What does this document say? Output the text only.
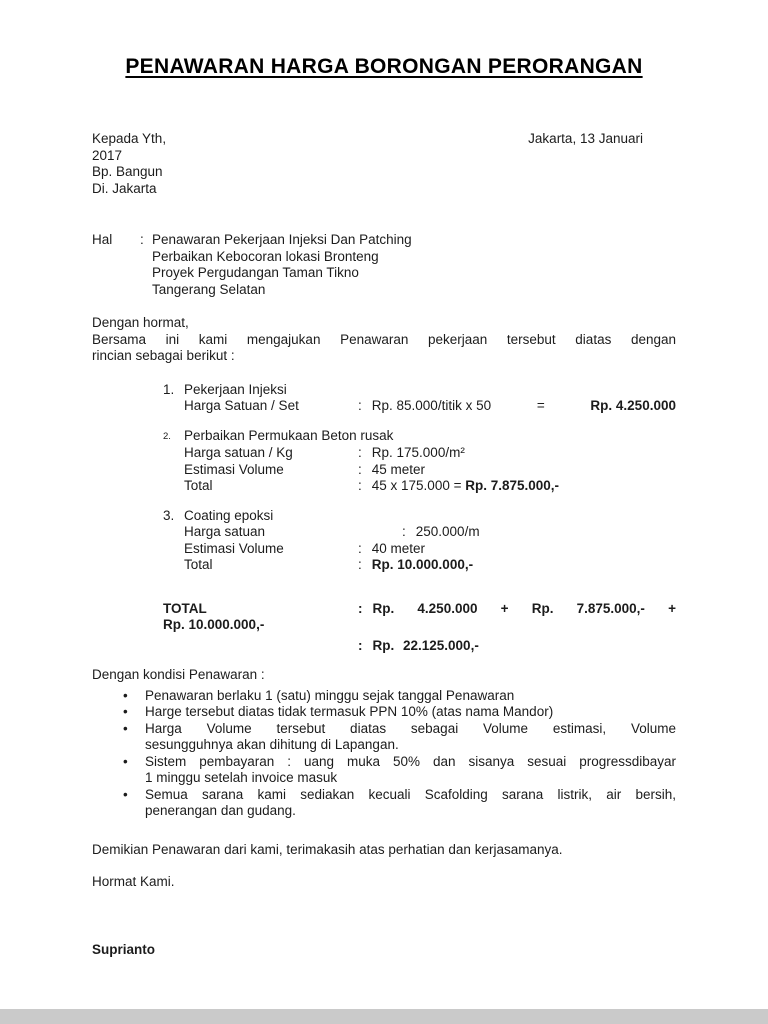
PENAWARAN HARGA BORONGAN PERORANGAN
Kepada Yth,	Jakarta, 13 Januari
2017
Bp. Bangun
Di. Jakarta
Hal	: Penawaran Pekerjaan Injeksi Dan Patching
Perbaikan Kebocoran lokasi Bronteng
Proyek Pergudangan Taman Tikno
Tangerang Selatan
Dengan hormat,
Bersama ini kami mengajukan Penawaran pekerjaan tersebut diatas dengan
rincian sebagai berikut :
1. Pekerjaan Injeksi
Harga Satuan / Set	: Rp. 85.000/titik x 50	=	Rp. 4.250.000
2. Perbaikan Permukaan Beton rusak
Harga satuan / Kg	: Rp. 175.000/m²
Estimasi Volume	: 45 meter
Total	: 45 x 175.000 = Rp. 7.875.000,-
3. Coating epoksi
Harga satuan	: 250.000/m
Estimasi Volume	: 40 meter
Total	: Rp. 10.000.000,-
TOTAL	: Rp. 4.250.000 + Rp. 7.875.000,- +
Rp. 10.000.000,-
: Rp. 22.125.000,-
Dengan kondisi Penawaran :
• Penawaran berlaku 1 (satu) minggu sejak tanggal Penawaran
• Harge tersebut diatas tidak termasuk PPN 10% (atas nama Mandor)
• Harga Volume tersebut diatas sebagai Volume estimasi, Volume
sesungguhnya akan dihitung di Lapangan.
• Sistem pembayaran : uang muka 50% dan sisanya sesuai progressdibayar
1 minggu setelah invoice masuk
• Semua sarana kami sediakan kecuali Scafolding sarana listrik, air bersih,
penerangan dan gudang.
Demikian Penawaran dari kami, terimakasih atas perhatian dan kerjasamanya.
Hormat Kami.
Suprianto
